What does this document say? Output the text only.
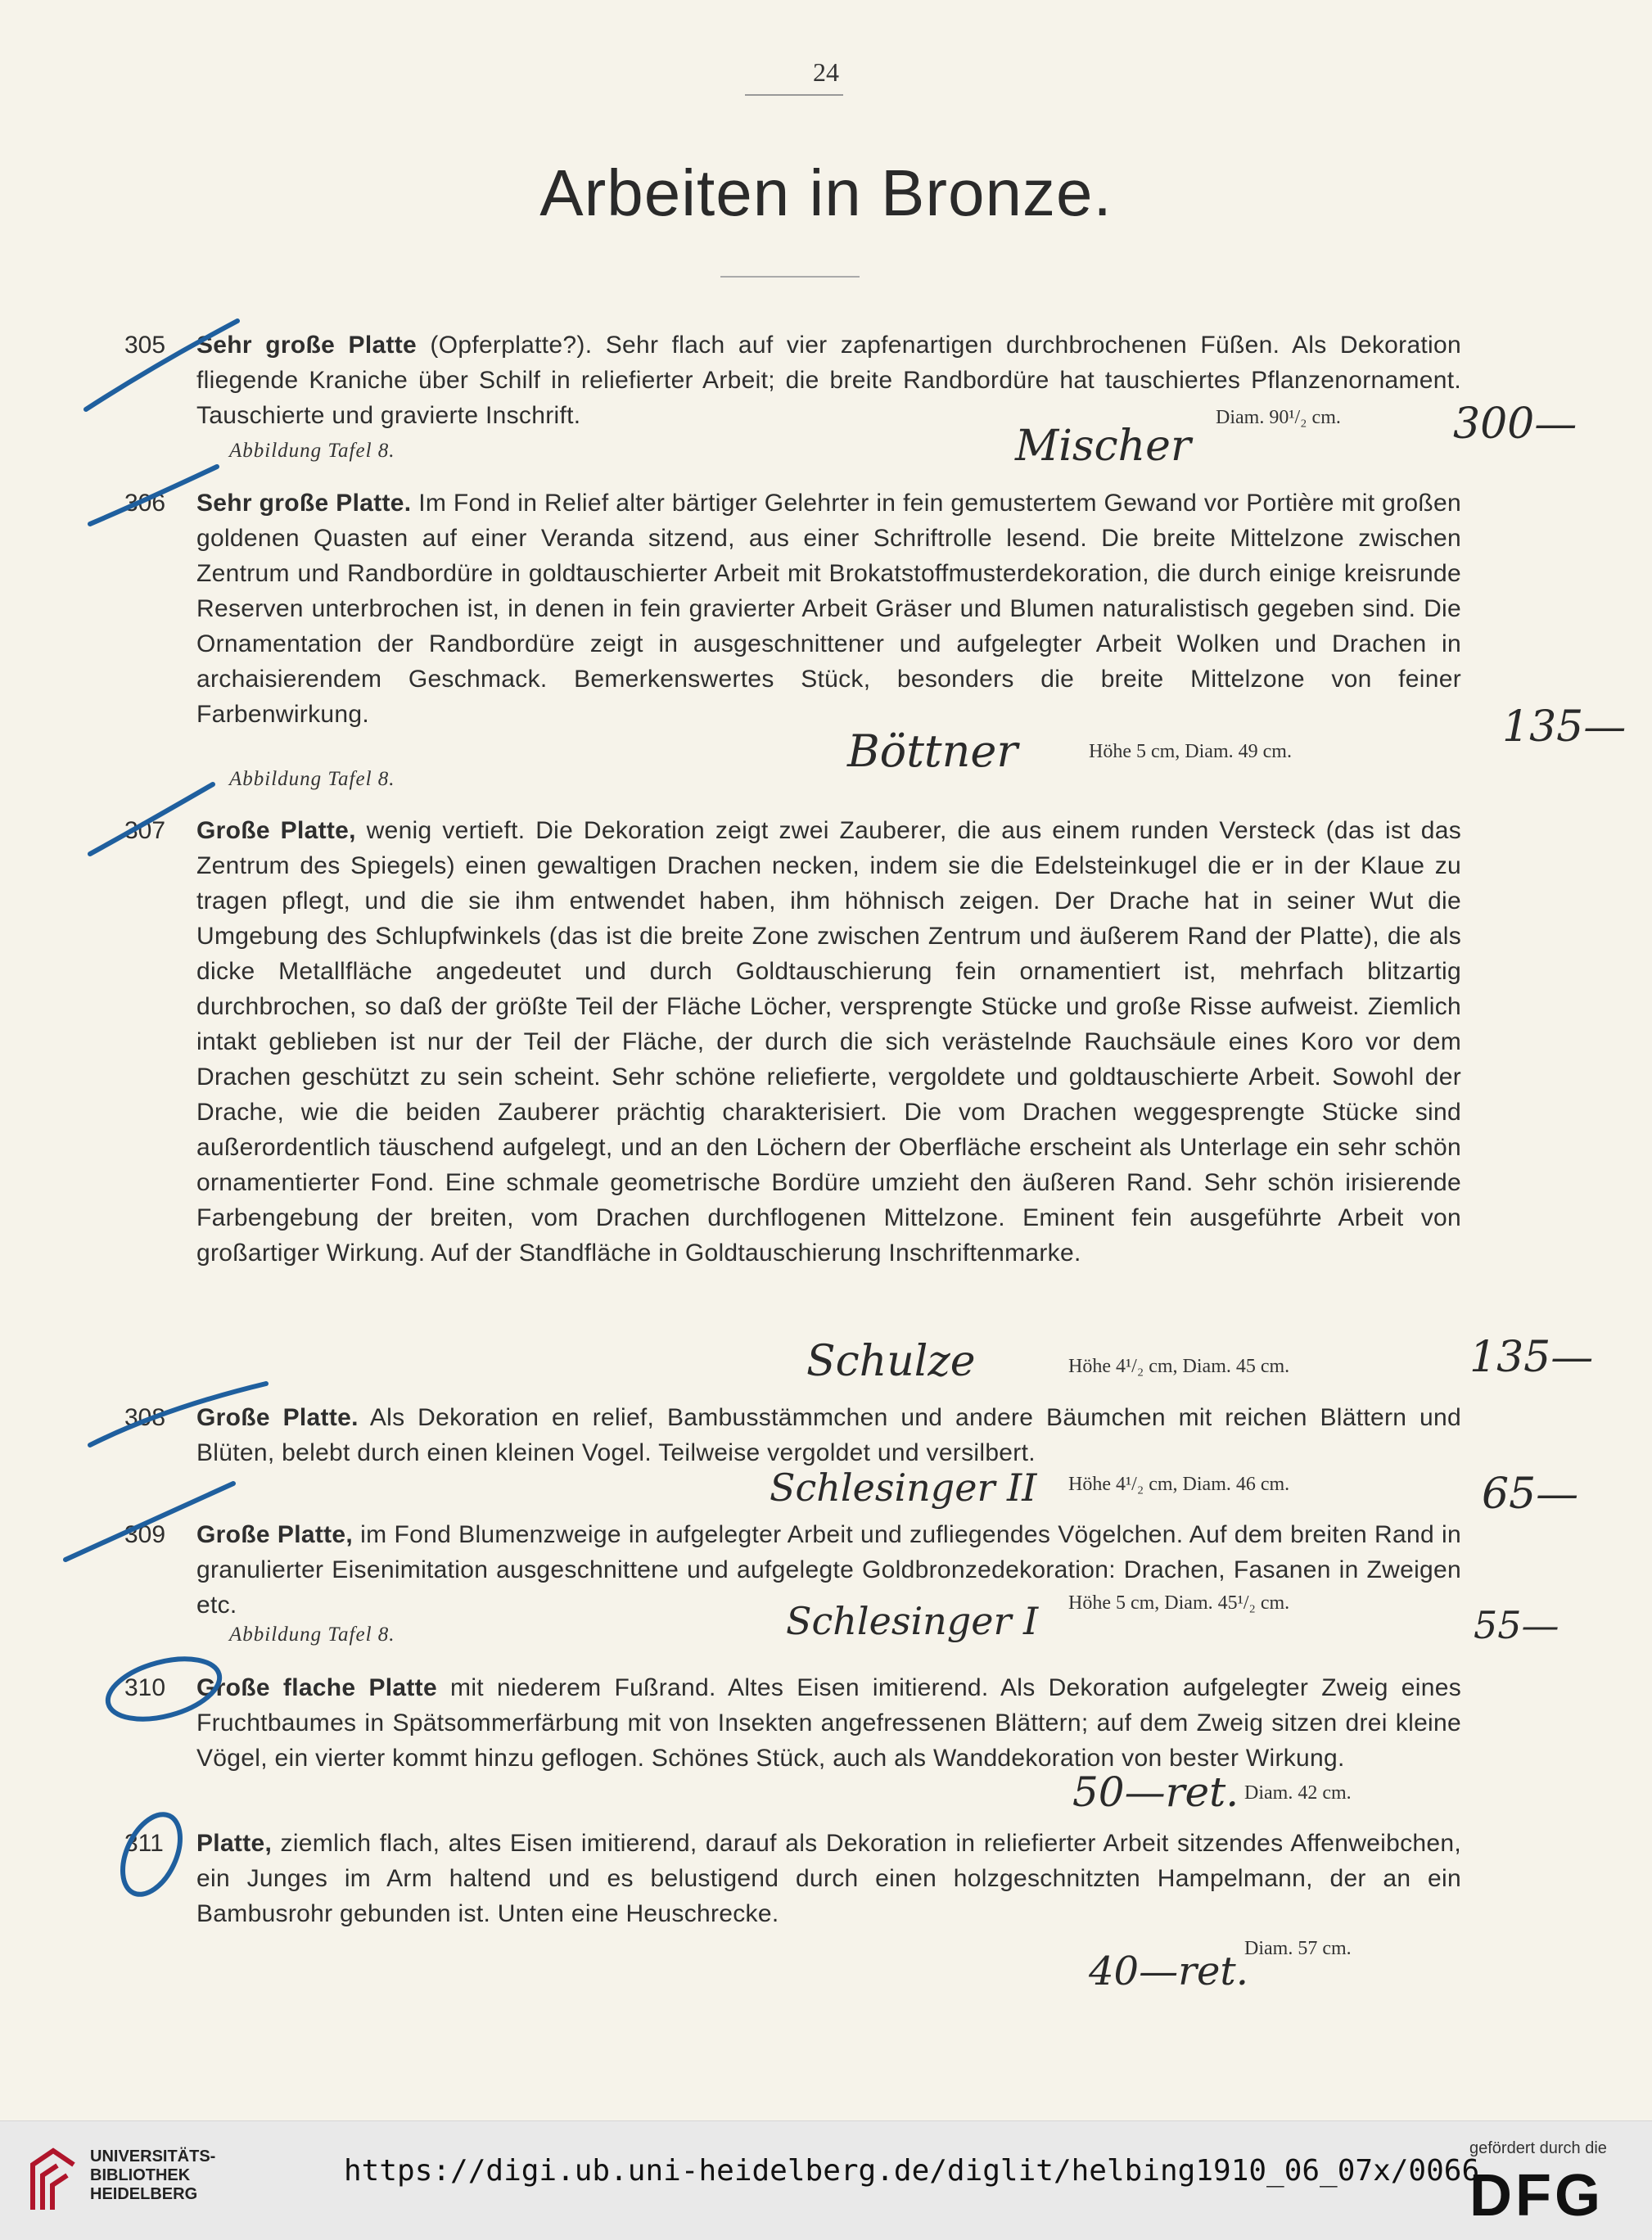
24
Arbeiten in Bronze.
305 Sehr große Platte (Opferplatte?). Sehr flach auf vier zapfenartigen durchbrochenen Füßen. Als Dekoration fliegende Kraniche über Schilf in reliefierter Arbeit; die breite Randbordüre hat tauschiertes Pflanzenornament. Tauschierte und gravierte Inschrift.	Diam. 90¹/₂ cm.
Abbildung Tafel 8.	Mischer	300—
306 Sehr große Platte. Im Fond in Relief alter bärtiger Gelehrter in fein gemustertem Gewand vor Portière mit großen goldenen Quasten auf einer Veranda sitzend, aus einer Schriftrolle lesend. Die breite Mittelzone zwischen Zentrum und Randbordüre in goldtauschierter Arbeit mit Brokatstoffmusterdekoration, die durch einige kreisrunde Reserven unterbrochen ist, in denen in fein gravierter Arbeit Gräser und Blumen naturalistisch gegeben sind. Die Ornamentation der Randbordüre zeigt in ausgeschnittener und aufgelegter Arbeit Wolken und Drachen in archaisierendem Geschmack. Bemerkenswertes Stück, besonders die breite Mittelzone von feiner Farbenwirkung.
Höhe 5 cm, Diam. 49 cm.
Abbildung Tafel 8.
Böttner	135—
307 Große Platte, wenig vertieft. Die Dekoration zeigt zwei Zauberer, die aus einem runden Versteck (das ist das Zentrum des Spiegels) einen gewaltigen Drachen necken, indem sie die Edelsteinkugel die er in der Klaue zu tragen pflegt, und die sie ihm entwendet haben, ihm höhnisch zeigen. Der Drache hat in seiner Wut die Umgebung des Schlupfwinkels (das ist die breite Zone zwischen Zentrum und äußerem Rand der Platte), die als dicke Metallfläche angedeutet und durch Goldtauschierung fein ornamentiert ist, mehrfach blitzartig durchbrochen, so daß der größte Teil der Fläche Löcher, versprengte Stücke und große Risse aufweist. Ziemlich intakt geblieben ist nur der Teil der Fläche, der durch die sich verästelnde Rauchsäule eines Koro vor dem Drachen geschützt zu sein scheint. Sehr schöne reliefierte, vergoldete und goldtauschierte Arbeit. Sowohl der Drache, wie die beiden Zauberer prächtig charakterisiert. Die vom Drachen weggesprengte Stücke sind außerordentlich täuschend aufgelegt, und an den Löchern der Oberfläche erscheint als Unterlage ein sehr schön ornamentierter Fond. Eine schmale geometrische Bordüre umzieht den äußeren Rand. Sehr schön irisierende Farbengebung der breiten, vom Drachen durchflogenen Mittelzone. Eminent fein ausgeführte Arbeit von großartiger Wirkung. Auf der Standfläche in Goldtauschierung Inschriftenmarke.
Höhe 4¹/₂ cm, Diam. 45 cm.
Schulze	135—
308 Große Platte. Als Dekoration en relief, Bambusstämmchen und andere Bäumchen mit reichen Blättern und Blüten, belebt durch einen kleinen Vogel. Teilweise vergoldet und versilbert.
Höhe 4¹/₂ cm, Diam. 46 cm.
Schlesinger II	65—
309 Große Platte, im Fond Blumenzweige in aufgelegter Arbeit und zufliegendes Vögelchen. Auf dem breiten Rand in granulierter Eisenimitation ausgeschnittene und aufgelegte Goldbronzedekoration: Drachen, Fasanen in Zweigen etc.	Höhe 5 cm, Diam. 45¹/₂ cm.
Abbildung Tafel 8.	Schlesinger I	55—
310 Große flache Platte mit niederem Fußrand. Altes Eisen imitierend. Als Dekoration aufgelegter Zweig eines Fruchtbaumes in Spätsommerfärbung mit von Insekten angefressenen Blättern; auf dem Zweig sitzen drei kleine Vögel, ein vierter kommt hinzu geflogen. Schönes Stück, auch als Wanddekoration von bester Wirkung.
Diam. 42 cm.
50—ret.
311 Platte, ziemlich flach, altes Eisen imitierend, darauf als Dekoration in reliefierter Arbeit sitzendes Affenweibchen, ein Junges im Arm haltend und es belustigend durch einen holzgeschnitzten Hampelmann, der an ein Bambusrohr gebunden ist. Unten eine Heuschrecke.
Diam. 57 cm.
40—ret.
UNIVERSITÄTS-
BIBLIOTHEK
HEIDELBERG
https://digi.ub.uni-heidelberg.de/diglit/helbing1910_06_07x/0066
gefördert durch die
DFG
